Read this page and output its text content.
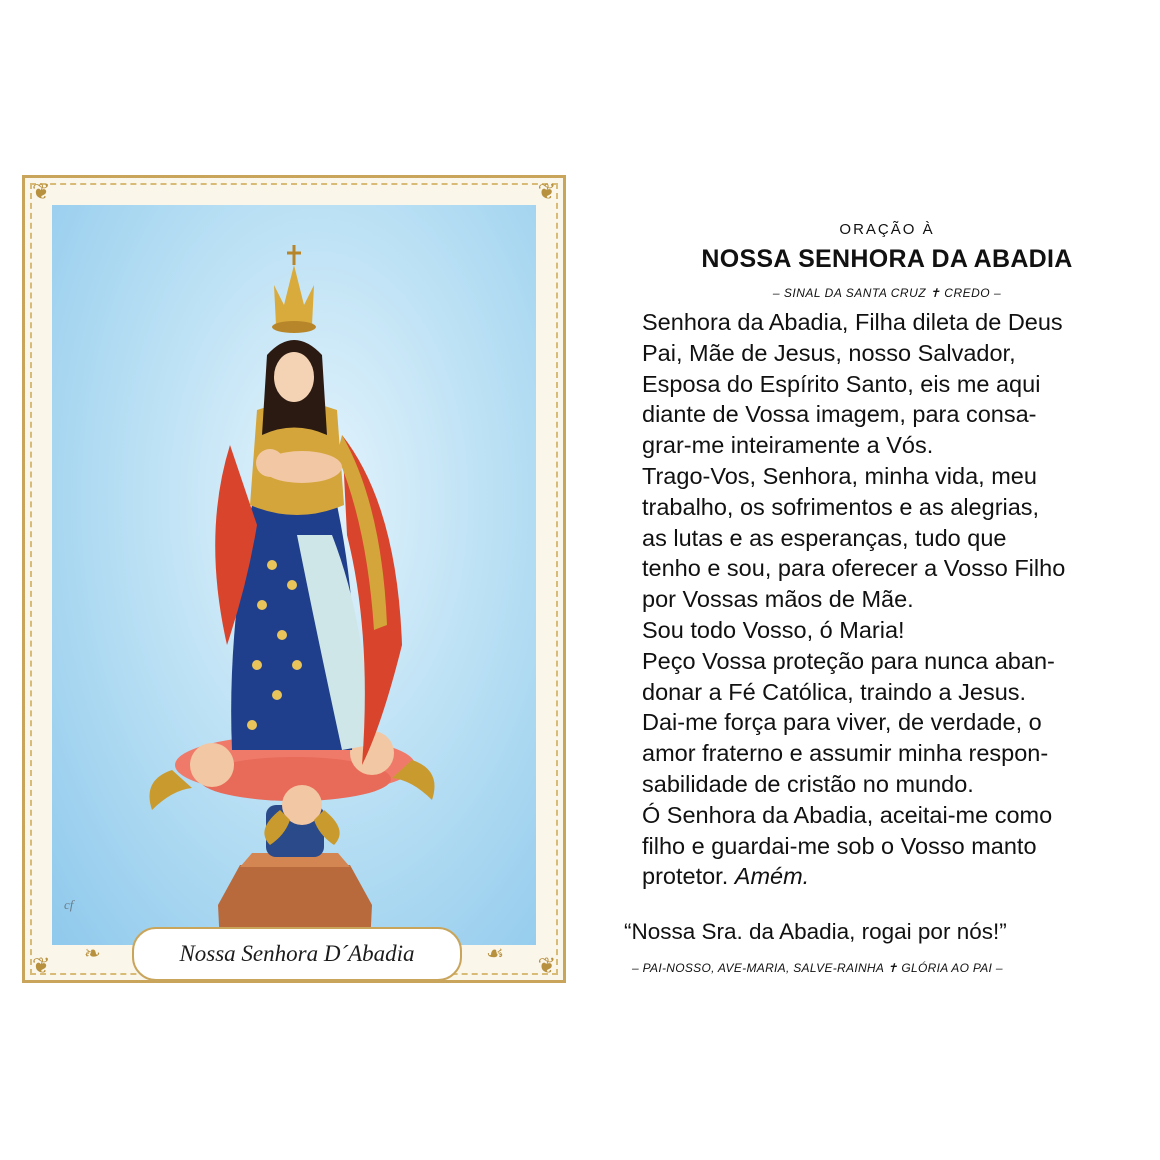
❦	❦
❦	❦
cf
❧	☙
Nossa Senhora D´Abadia
ORAÇÃO À
NOSSA SENHORA DA ABADIA
– SINAL DA SANTA CRUZ ✝ CREDO –
Senhora da Abadia, Filha dileta de Deus
Pai, Mãe de Jesus, nosso Salvador,
Esposa do Espírito Santo, eis me aqui
diante de Vossa imagem, para consa-
grar-me inteiramente a Vós.
Trago-Vos, Senhora, minha vida, meu
trabalho, os sofrimentos e as alegrias,
as lutas e as esperanças, tudo que
tenho e sou, para oferecer a Vosso Filho
por Vossas mãos de Mãe.
Sou todo Vosso, ó Maria!
Peço Vossa proteção para nunca aban-
donar a Fé Católica, traindo a Jesus.
Dai-me força para viver, de verdade, o
amor fraterno e assumir minha respon-
sabilidade de cristão no mundo.
Ó Senhora da Abadia, aceitai-me como
filho e guardai-me sob o Vosso manto
protetor. Amém.
“Nossa Sra. da Abadia, rogai por nós!”
– PAI-NOSSO, AVE-MARIA, SALVE-RAINHA ✝ GLÓRIA AO PAI –
